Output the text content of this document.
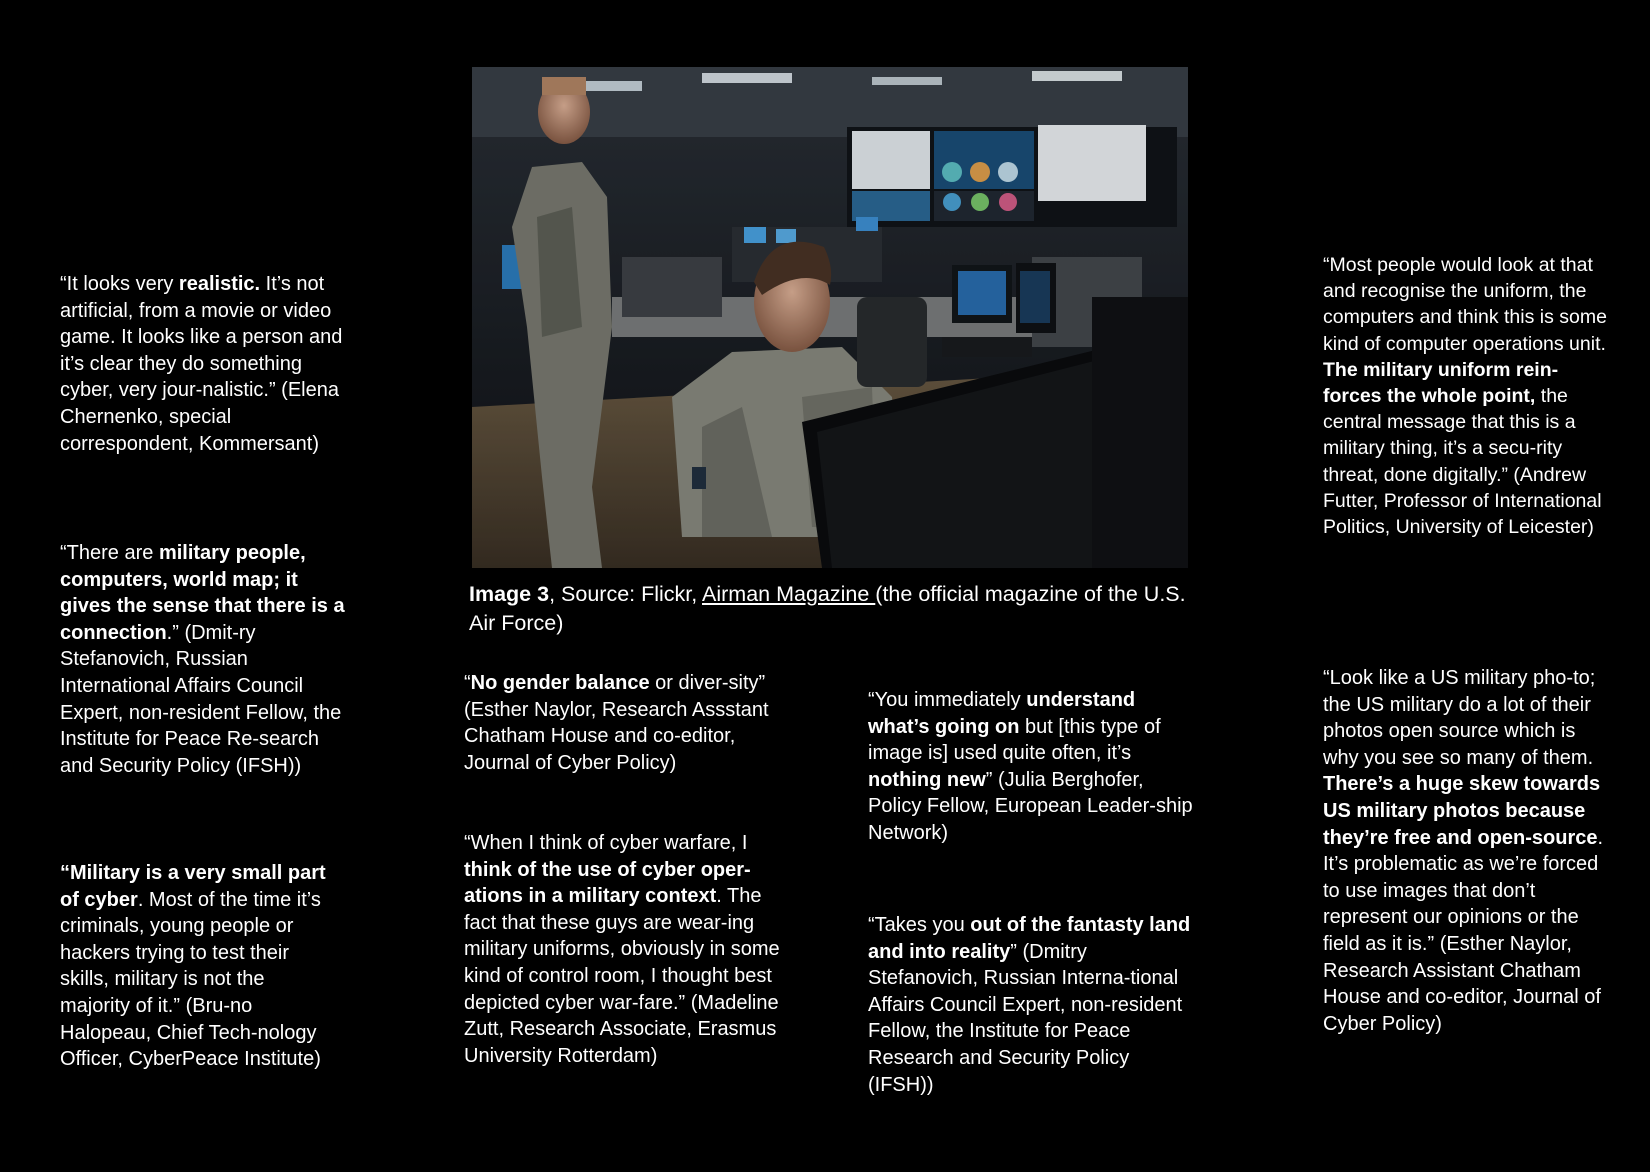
“It looks very realistic. It’s not artificial, from a movie or video game. It looks like a person and it’s clear they do something cyber, very jour-nalistic.” (Elena Chernenko, special correspondent, Kommersant)

“There are military people, computers, world map; it gives the sense that there is a connection.” (Dmit-ry Stefanovich, Russian International Affairs Council Expert, non-resident Fellow, the Institute for Peace Re-search and Security Policy (IFSH))

“Military is a very small part of cyber. Most of the time it’s criminals, young people or hackers trying to test their skills, military is not the majority of it.” (Bru-no Halopeau, Chief Tech-nology Officer, CyberPeace Institute)

Image 3, Source: Flickr, Airman Magazine (the official magazine of the U.S. Air Force)

“No gender balance or diver-sity” (Esther Naylor, Research Assstant Chatham House and co-editor, Journal of Cyber Policy)

“When I think of cyber warfare, I think of the use of cyber oper-ations in a military context. The fact that these guys are wear-ing military uniforms, obviously in some kind of control room, I thought best depicted cyber war-fare.” (Madeline Zutt, Research Associate, Erasmus University Rotterdam)

“You immediately understand what’s going on but [this type of image is] used quite often, it’s nothing new” (Julia Berghofer, Policy Fellow, European Leader-ship Network)

“Takes you out of the fantasty land and into reality” (Dmitry Stefanovich, Russian Interna-tional Affairs Council Expert, non-resident Fellow, the Institute for Peace Research and Security Policy (IFSH))

“Most people would look at that and recognise the uniform, the computers and think this is some kind of computer operations unit. The military uniform rein-forces the whole point, the central message that this is a military thing, it’s a secu-rity threat, done digitally.” (Andrew Futter, Professor of International Politics, University of Leicester)

“Look like a US military pho-to; the US military do a lot of their photos open source which is why you see so many of them. There’s a huge skew towards US military photos because they’re free and open-source. It’s problematic as we’re forced to use images that don’t represent our opinions or the field as it is.” (Esther Naylor, Research Assistant Chatham House and co-editor, Journal of Cyber Policy)
